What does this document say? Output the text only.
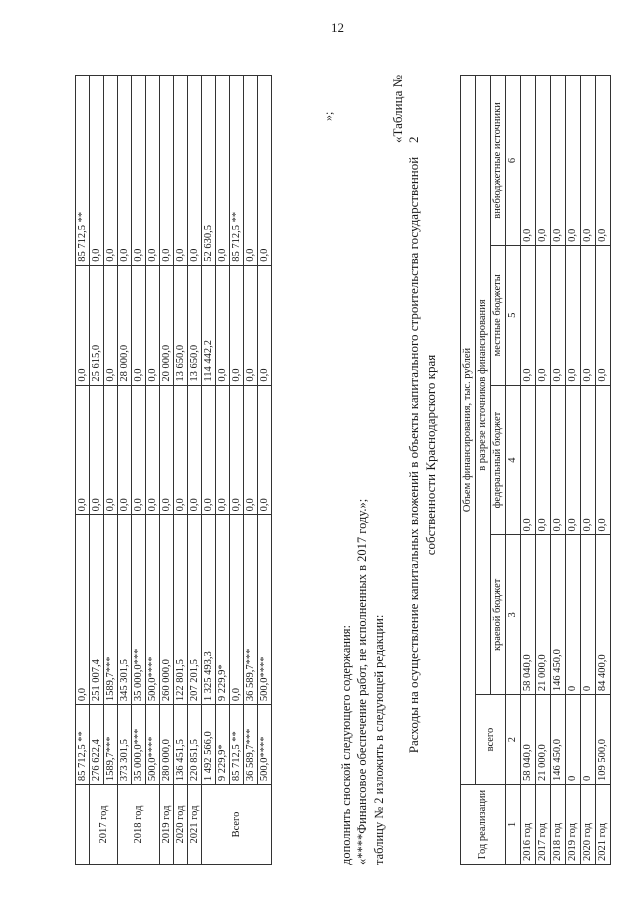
12
	85 712,5 **	0,0	0,0	0,0	85 712,5 **
2017 год	276 622,4	251 007,4	0,0	25 615,0	0,0
	1589,7***	1589,7***	0,0	0,0	0,0
2018 год	373 301,5	345 301,5	0,0	28 000,0	0,0
	35 000,0***	35 000,0***	0,0	0,0	0,0
	500,0****	500,0****	0,0	0,0	0,0
2019 год	280 000,0	260 000,0	0,0	20 000,0	0,0
2020 год	136 451,5	122 801,5	0,0	13 650,0	0,0
2021 год	220 851,5	207 201,5	0,0	13 650,0	0,0
Всего	1 492 566,0	1 325 493,3	0,0	114 442,2	52 630,5
	9 229,9*	9 229,9*	0,0	0,0	0,0
	85 712,5 **	0,0	0,0	0,0	85 712,5 **
	36 589,7***	36 589,7***	0,0	0,0	0,0
	500,0****	500,0****	0,0	0,0	0,0
»;
дополнить сноской следующего содержания: «****Финансовое обеспечение работ, не исполненных в 2017 году.»; таблицу № 2 изложить в следующей редакции:
«Таблица № 2
Расходы на осуществление капитальных вложений в объекты капитального строительства государственной собственности Краснодарского края
Год реализации	Объем финансирования, тыс. рублей				
	всего	в разрезе источников финансирования			
		краевой бюджет	федеральный бюджет	местные бюджеты	внебюджетные источники
1	2	3	4	5	6
2016 год	58 040,0	58 040,0	0,0	0,0	0,0
2017 год	21 000,0	21 000,0	0,0	0,0	0,0
2018 год	146 450,0	146 450,0	0,0	0,0	0,0
2019 год	0	0	0,0	0,0	0,0
2020 год	0	0	0,0	0,0	0,0
2021 год	109 500,0	84 400,0	0,0	0,0	0,0
